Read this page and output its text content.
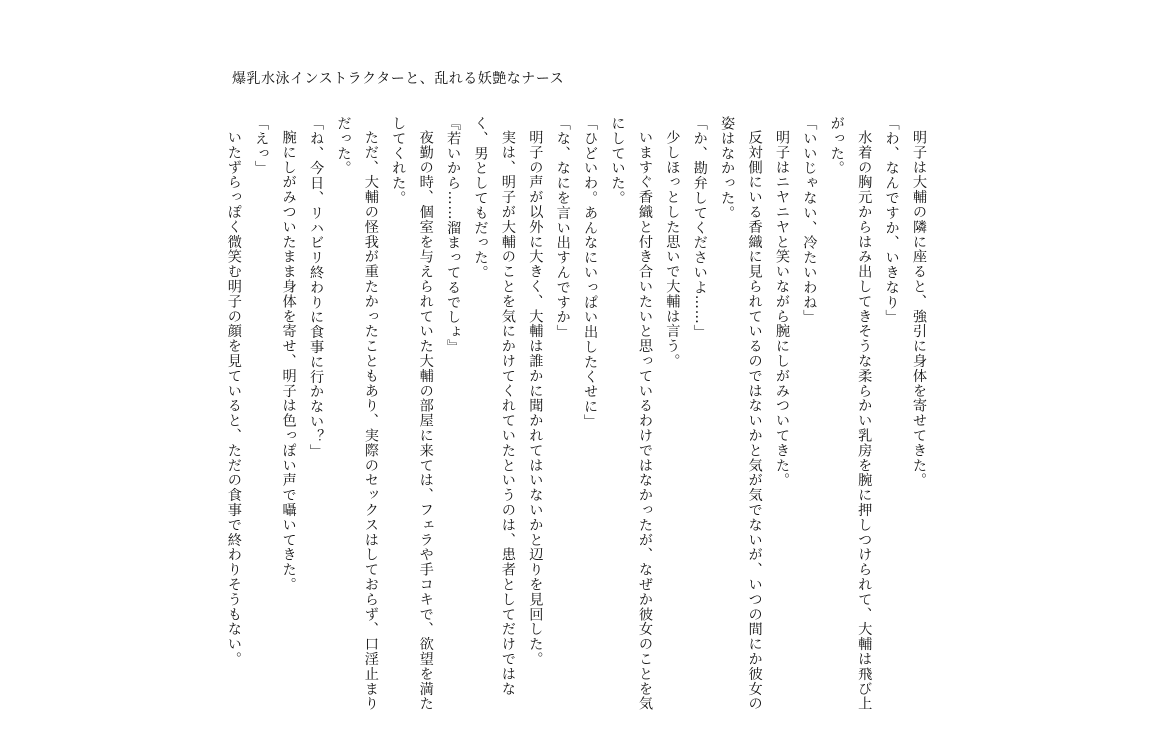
爆乳水泳インストラクターと、乱れる妖艶なナース

明子は大輔の隣に座ると、強引に身体を寄せてきた。

「わ、なんですか、いきなり」

水着の胸元からはみ出してきそうな柔らかい乳房を腕に押しつけられて、大輔は飛び上がった。

「いいじゃない、冷たいわね」

明子はニヤニヤと笑いながら腕にしがみついてきた。

反対側にいる香織に見られているのではないかと気が気でないが、いつの間にか彼女の姿はなかった。

「か、勘弁してくださいよ……」

少しほっとした思いで大輔は言う。

いますぐ香織と付き合いたいと思っているわけではなかったが、なぜか彼女のことを気にしていた。

「ひどいわ。あんなにいっぱい出したくせに」

「な、なにを言い出すんですか」

明子の声が以外に大きく、大輔は誰かに聞かれてはいないかと辺りを見回した。

実は、明子が大輔のことを気にかけてくれていたというのは、患者としてだけではなく、男としてもだった。

『若いから……溜まってるでしょ』

夜勤の時、個室を与えられていた大輔の部屋に来ては、フェラや手コキで、欲望を満たしてくれた。

ただ、大輔の怪我が重たかったこともあり、実際のセックスはしておらず、口淫止まりだった。

「ね、今日、リハビリ終わりに食事に行かない？」

腕にしがみついたまま身体を寄せ、明子は色っぽい声で囁いてきた。

「えっ」

いたずらっぽく微笑む明子の顔を見ていると、ただの食事で終わりそうもない。
